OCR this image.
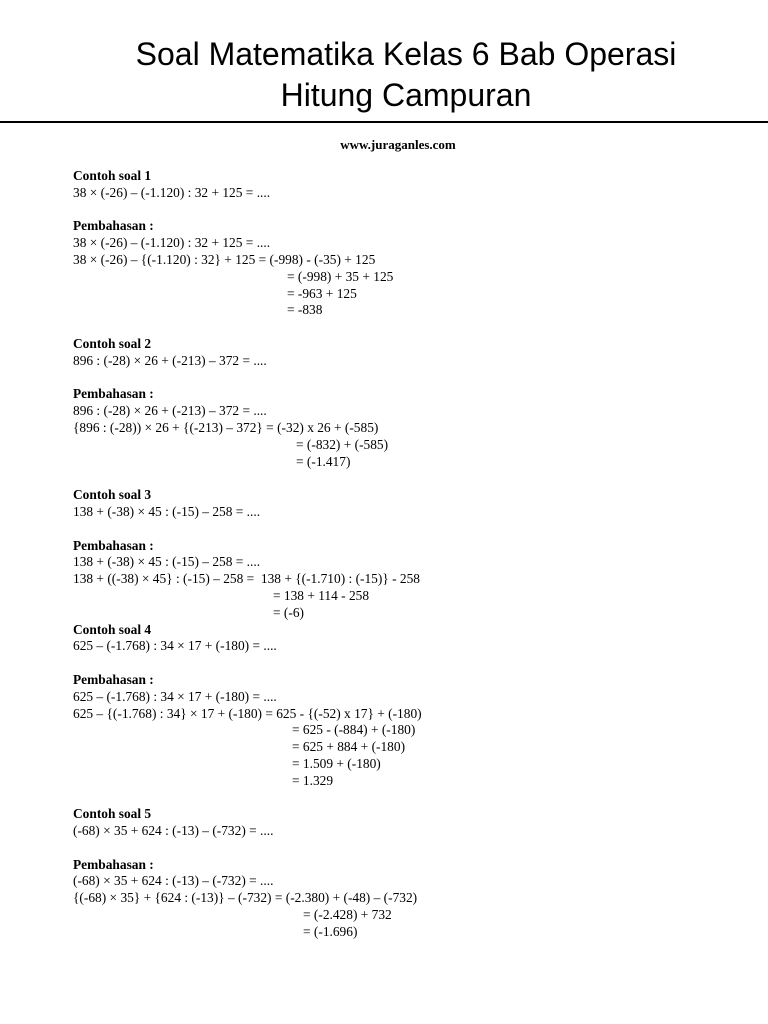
Soal Matematika Kelas 6 Bab Operasi
Hitung Campuran
www.juraganles.com
Contoh soal 1
38 × (-26) – (-1.120) : 32 + 125 = ....
Pembahasan :
38 × (-26) – (-1.120) : 32 + 125 = ....
38 × (-26) – {(-1.120) : 32} + 125 = (-998) - (-35) + 125
= (-998) + 35 + 125
= -963 + 125
= -838
Contoh soal 2
896 : (-28) × 26 + (-213) – 372 = ....
Pembahasan :
896 : (-28) × 26 + (-213) – 372 = ....
{896 : (-28)) × 26 + {(-213) – 372} = (-32) x 26 + (-585)
= (-832) + (-585)
= (-1.417)
Contoh soal 3
138 + (-38) × 45 : (-15) – 258 = ....
Pembahasan :
138 + (-38) × 45 : (-15) – 258 = ....
138 + ((-38) × 45} : (-15) – 258 =  138 + {(-1.710) : (-15)} - 258
= 138 + 114 - 258
= (-6)
Contoh soal 4
625 – (-1.768) : 34 × 17 + (-180) = ....
Pembahasan :
625 – (-1.768) : 34 × 17 + (-180) = ....
625 – {(-1.768) : 34} × 17 + (-180) = 625 - {(-52) x 17} + (-180)
= 625 - (-884) + (-180)
= 625 + 884 + (-180)
= 1.509 + (-180)
= 1.329
Contoh soal 5
(-68) × 35 + 624 : (-13) – (-732) = ....
Pembahasan :
(-68) × 35 + 624 : (-13) – (-732) = ....
{(-68) × 35} + {624 : (-13)} – (-732) = (-2.380) + (-48) – (-732)
= (-2.428) + 732
= (-1.696)
